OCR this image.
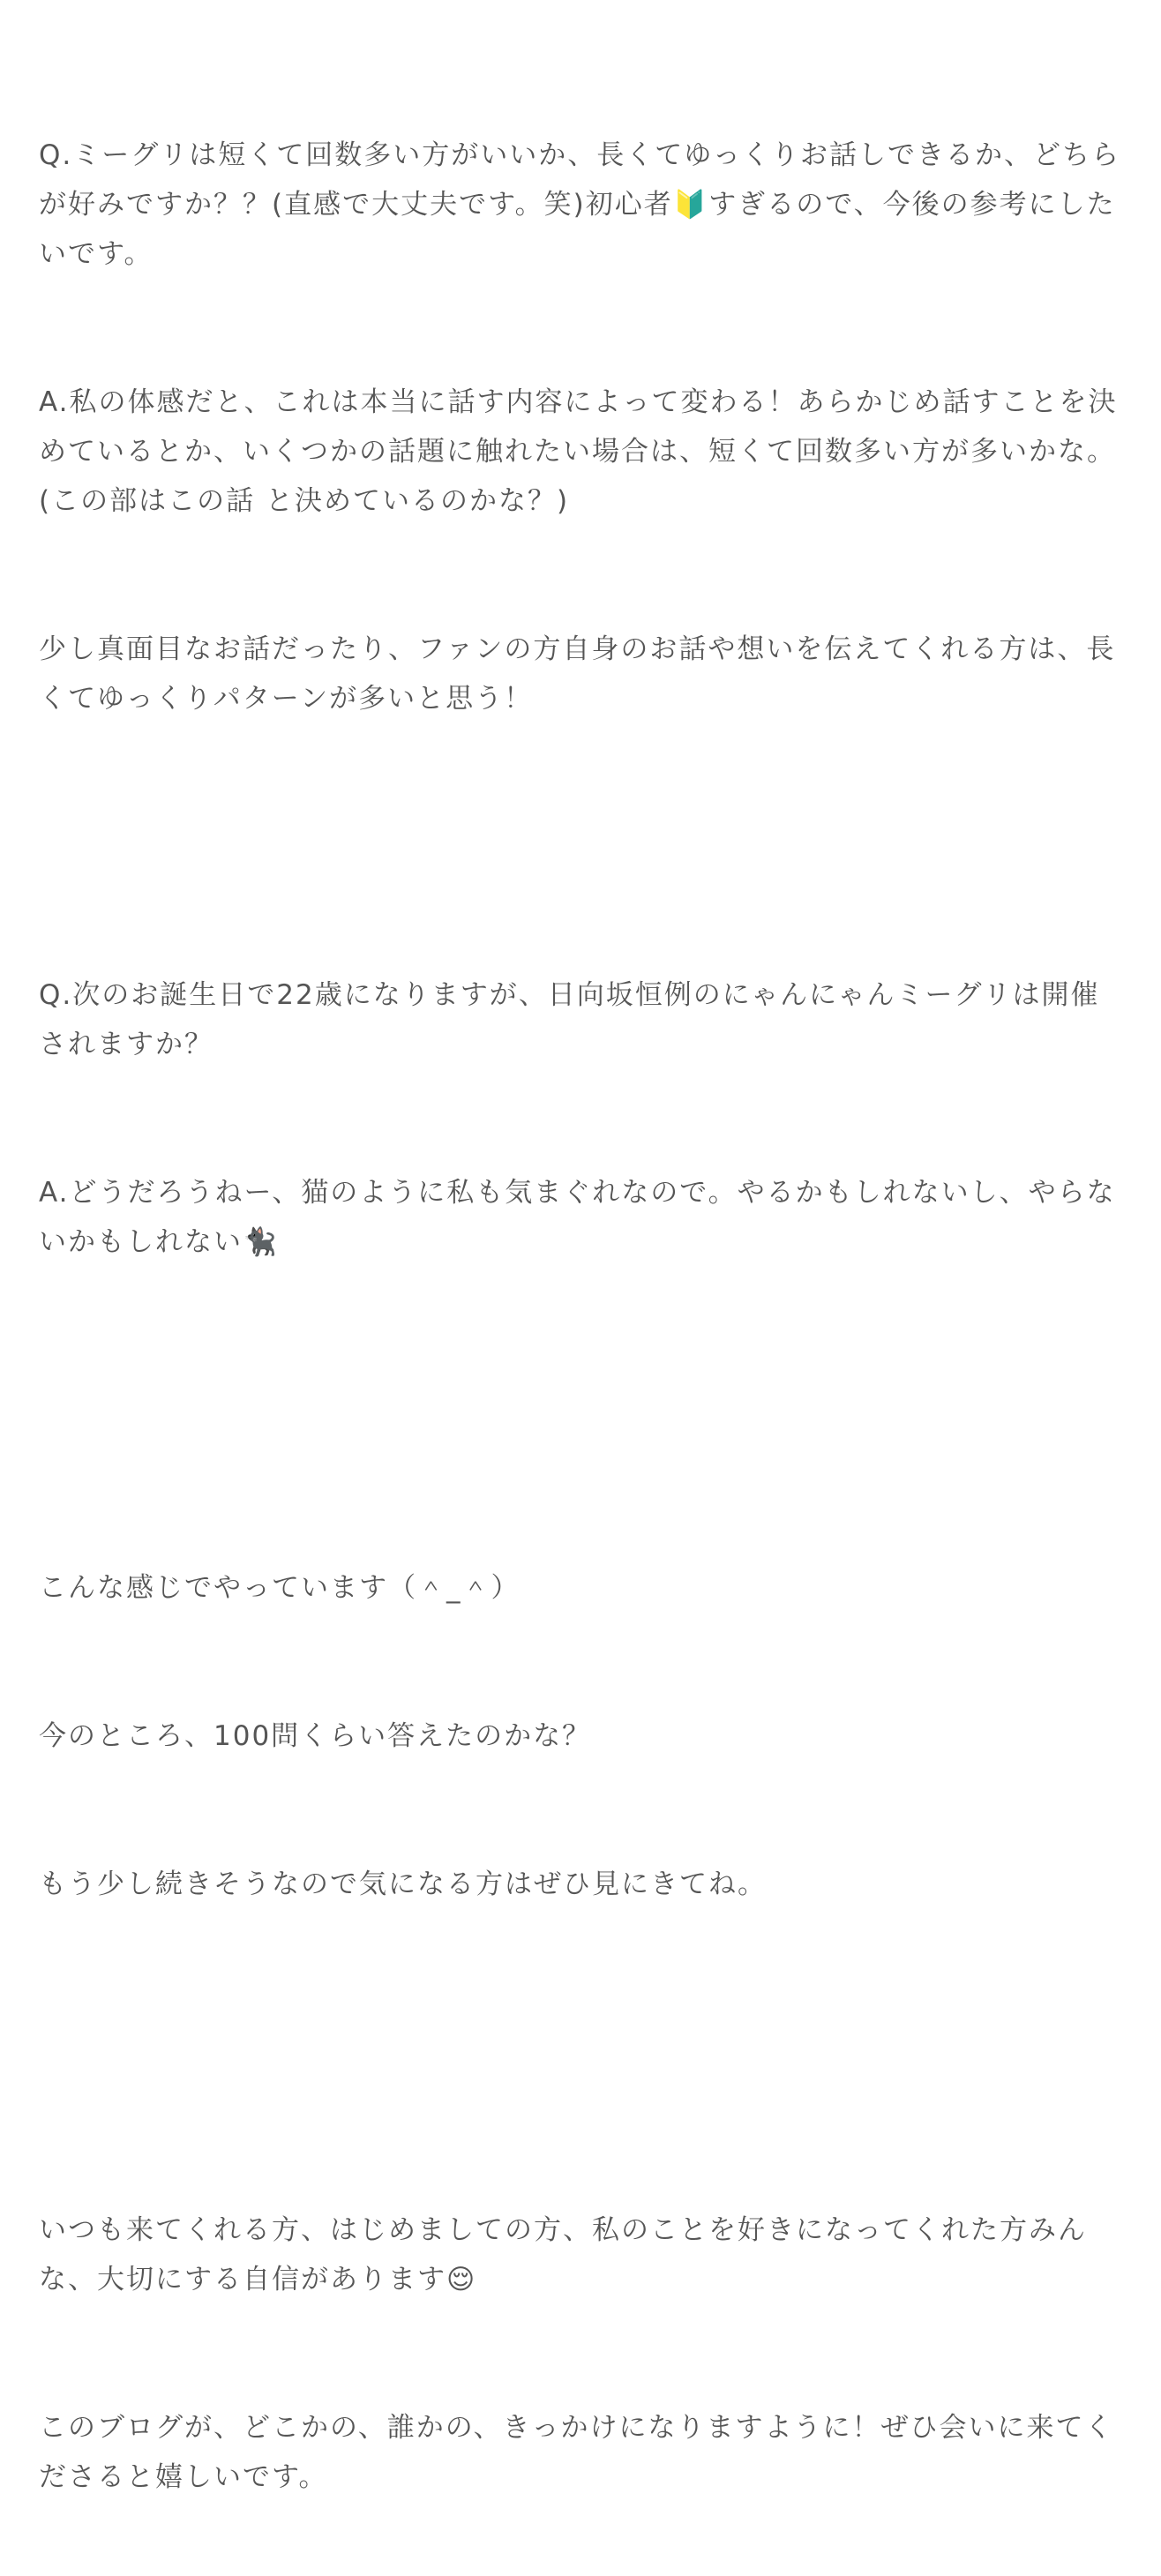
Q.ミーグリは短くて回数多い方がいいか、長くてゆっくりお話しできるか、どちらが好みですか？？(直感で大丈夫です。笑)初心者🔰すぎるので、今後の参考にしたいです。

A.私の体感だと、これは本当に話す内容によって変わる！あらかじめ話すことを決めているとか、いくつかの話題に触れたい場合は、短くて回数多い方が多いかな。(この部はこの話 と決めているのかな？)

少し真面目なお話だったり、ファンの方自身のお話や想いを伝えてくれる方は、長くてゆっくりパターンが多いと思う！

Q.次のお誕生日で22歳になりますが、日向坂恒例のにゃんにゃんミーグリは開催されますか？

A.どうだろうねー、猫のように私も気まぐれなので。やるかもしれないし、やらないかもしれない🐈‍⬛

こんな感じでやっています（＾_＾）

今のところ、100問くらい答えたのかな？

もう少し続きそうなので気になる方はぜひ見にきてね。

いつも来てくれる方、はじめましての方、私のことを好きになってくれた方みんな、大切にする自信があります😌

このブログが、どこかの、誰かの、きっかけになりますように！ぜひ会いに来てくださると嬉しいです。
